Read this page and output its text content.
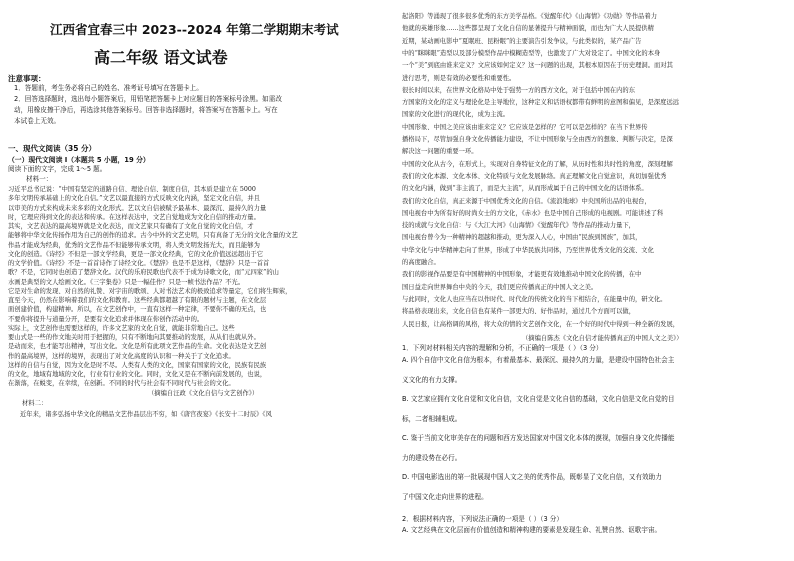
江西省宜春三中 2023--2024 年第二学期期末考试
高二年级 语文试卷
注意事项：
1．答题前，考生务必将自己的姓名、准考证号填写在答题卡上。
2．回答选择题时，选出每小题答案后，用铅笔把答题卡上对应题目的答案标号涂黑。如需改
动，用橡皮擦干净后，再选涂其他答案标号。回答非选择题时，将答案写在答题卡上。写在
本试卷上无效。
一、现代文阅读（35 分）
（一）现代文阅读 I（本题共 5 小题，19 分）
阅读下面的文字，完成 1～5 题。
材料一：
习近平总书记说：“中国有坚定的道路自信、理论自信、制度自信，其本质是建立在 5000
多年文明传承基础上的文化自信。”文艺以最直接的方式反映文化内涵，坚定文化自信，并且
以审美的方式来构成未来多彩的文化形式。艺以文自信被赋予最基本、最深沉、最持久的力量
时，它理应得到文化的表达和传承。在这样表达中，文艺自觉地成为文化自信的推动方量。
其实，文艺表达的最高境界就是文化表达，而文艺家只有确有了文化自觉的文化自信，才
能够将中华文化传扬作用为自己的创作的追求。古今中外的文艺史明，只有真备了无分的文化含量的文艺
作品才能成为经典，优秀的文艺作品不但能够传承文明，将人类文明发扬光大，而且能够为
文化的创造。《诗经》不但是一部文学经典，更是一部文化经典，它的文化价值远远超出于它
的文学价值。《诗经》不是一首首诗作了诗经文化。《楚辞》也是不是这样，《楚辞》只是一首首
歌？不是，它同时也创造了楚辞文化。汉代的乐府民歌也代表不于成为诗歌文化，而“元四家”的山
水画是典型的文人绘画文化。《三字集卷》只是一幅佳作？只是一帧书法作品？不光。
它是对生命的发现、对自然的礼赞、对宇宙的歌颂、人对书法艺术的极致追求等量定，它们将生辉萦，
直至今天，仍然在影响着我们的文化和教育。这些经典都超越了有限的题材与主题，在文化层
面创建价值，构建精神。所以，在文艺创作中，一直有这样一种定律，不要你不确的无点，也
不要你将提升与道量分开，是要有文化追求并体现在你创作活动中的。
实际上，文艺创作也需要这样的，许多文艺家的文化自觉，就能非常地自己。这些
要山式是一些的作文地关时用于把握的，只有不断地向其要推动的发展，从从们也就从外。
是动而来，也才能写出精神，写出文化。文化是所有此项文艺作品的生命。文化表达是文艺创
作的最高境界，这样的境界，表现出了对文化高度的认识和一种关于了文化追求。
这样的自信与自觉，因为文化是时不尽。人类有人类的文化，国家有国家的文化，民族有民族
的文化，地域有地域的文化，行业有行业的文化。同时，文化又是在不断向前发展的，也说，
在渐落，在蜕变，在幸续，在创新。不同的时代与社会有不同时代与社会的文化。
（摘编自汪政《文化自信与文艺创作》）
材料二：
近年来，诸多弘扬中华文化的精品文艺作品层出不穷，如《唐宫夜宴》《长安十二时辰》《风
起洛阳》等涌现了很多很多优秀的东方美学品格。《觉醒年代》《山海情》《功勋》等作品着力
他就的英雄形象……这些都呈现了文化自信的显著提升与精神面貌，而也为广大人民提供精
近期，某动画电影中“夏眠班、昆粉眠”的主要演告引发争议，与此类似的，某产品广告
中的“眯眯眼”造型以及部分模型作品中模糊造型等，也激发了广大对设定了。中国文化的本身
一个“美”到底由谁来定义？文应该如何定义？这一问题的出现，其根本原因在于历史理洞。而对其
进行思考，则是有效的必要性和重要性。
很长时间以来，在世界文化格局中处于强势一方的西方文化，对于包括中国在内的东
方国家的文化的定义与理论化是主导地位，这种定义和话语权都带有鲜明的意图和偏见，是深度远远
国家的文化进行的现代化，成为主流。
中国形象、中国之美应该由谁来定义？它应该是怎样的？它可以是怎样的？在当下世界传
播格局下，尽管加强自身文化传播能力建设，不让中国形象与全由西方的想象、判断与决定，是深
解决这一问题的重要一环。
中国的文化从古今，在形式上，实现对自身特征文化的了解，从历时性和共时性的角度，深刻理解
我们的文化本源、文化本体、文化特质与文化发展脉络。真正理解文化自觉意识，真切加强优秀
的文化内涵，做到“非主流了，而是大主流”，从而形成属于自己的中国文化的话语体系。
我们的文化自信，真正来源于中国优秀文化的自信。《流浪地球》中央国所出品的电视台，
国电视台中为所有好的时尚女士的方文化，《赤水》也是中国自己形成的电视剧。可能讲述了科
技的成就与文化自信：与《大江大河》《山海情》《觉醒年代》等作品的推动力量下，
国电视台曾今为一种精神的超越和推动，更为深入人心，中国由“民族到国族”，加其，
中华文化与中华精神走向了世界，形成了中华民族共同体，乃至世界优秀文化的交流、文化
的高度融合。
我们的影视作品要是有中国精神的中国形象，才能更有效地推动中国文化的传播，在中
国日益走向世界舞台中央的今天，我们更应传播真正的中国人文之美。
与此同时，文化人也应当在以作时代、时代化的传统文化的当下相结合，在能量中的，研文化。
将品格表现出来，文化自信也有某件一部更大的、好作品时，通过几个方面可以做，
人民日报，让高格调的风格，将大众的情的文艺创作文化，在一个好的时代中得到一种全新的发展，
（摘编自陈杰《文化自信才能传播真正的中国人文之美》）
1．下列对材料相关内容的理解和分析，不正确的一项是（ ）（3 分）
A. 四个自信中文化自信为根本，有着最基本、最深沉、最持久的力量，是建设中国特色社会主
义文化的有力支撑。
B. 文艺家应拥有文化自觉和文化自信，文化自觉是文化自信的基础，文化自信是文化自觉的目
标，二者相辅相成。
C. 鉴于当前文化审美存在的问题和西方发达国家对中国文化本体的漠视，加强自身文化传播能
力的建设势在必行。
D. 中国电影选出的第一批展现中国人文之美的优秀作品，既彰显了文化自信，又有效助力
了中国文化走向世界的进程。
2．根据材料内容，下列说法正确的一项是（ ）（3 分）
A. 文艺经典在文化层面有价值创造和精神构建的要素是发现生命、礼赞自然、讴歌宇宙。
